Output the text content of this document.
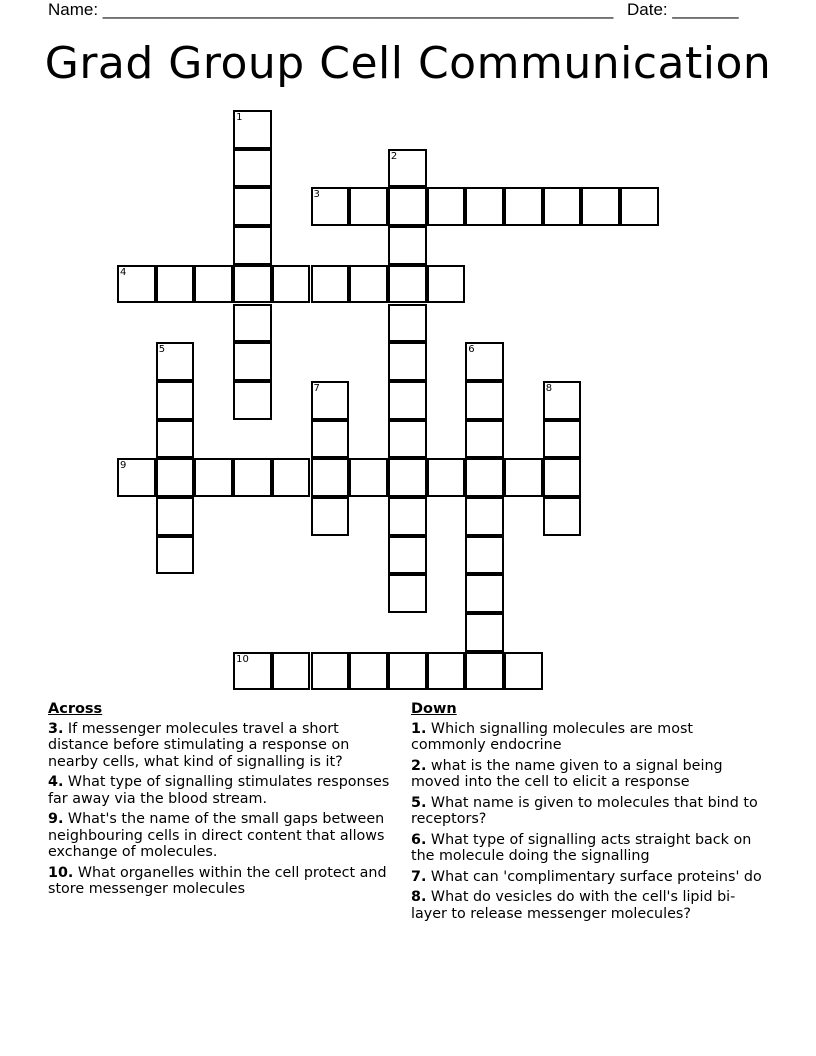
Name: ______________________________________________________ Date: _______
Grad Group Cell Communication
1
2
3
4
5	6
7	8
9
10
Across
3. If messenger molecules travel a short distance before stimulating a response on nearby cells, what kind of signalling is it?
4. What type of signalling stimulates responses far away via the blood stream.
9. What's the name of the small gaps between neighbouring cells in direct content that allows exchange of molecules.
10. What organelles within the cell protect and store messenger molecules
Down
1. Which signalling molecules are most commonly endocrine
2. what is the name given to a signal being moved into the cell to elicit a response
5. What name is given to molecules that bind to receptors?
6. What type of signalling acts straight back on the molecule doing the signalling
7. What can 'complimentary surface proteins' do
8. What do vesicles do with the cell's lipid bi-layer to release messenger molecules?
